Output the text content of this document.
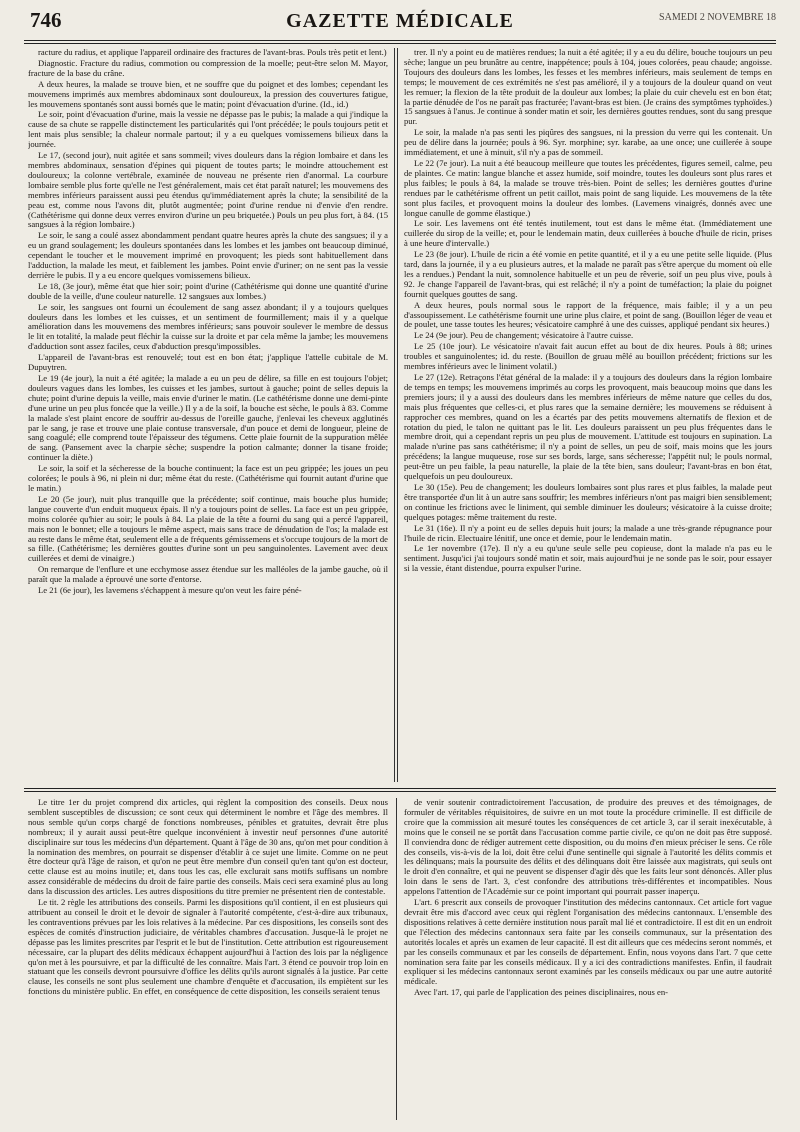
746	GAZETTE MÉDICALE	SAMEDI 2 NOVEMBRE 18

racture du radius, et applique l'appareil ordinaire des fractures de l'avant-bras. Pouls très petit et lent.)

Diagnostic. Fracture du radius, commotion ou compression de la moelle; peut-être selon M. Mayor, fracture de la base du crâne.

A deux heures, la malade se trouve bien, et ne souffre que du poignet et des lombes; cependant les mouvemens imprimés aux membres abdominaux sont douloureux, la pression des couvertures fatigue, les mouvemens spontanés sont aussi bornés que le matin; point d'évacuation d'urine. (Id., id.)

Le soir, point d'évacuation d'urine, mais la vessie ne dépasse pas le pubis; la malade a qui j'indique la cause de sa chute se rappelle distinctement les particularités qui l'ont précédée; le pouls toujours petit et lent mais plus sensible; la chaleur normale partout; il y a eu quelques vomissemens bilieux dans la journée.

Le 17, (second jour), nuit agitée et sans sommeil; vives douleurs dans la région lombaire et dans les membres abdominaux, sensation d'épines qui piquent de toutes parts; le moindre attouchement est douloureux; la colonne vertébrale, examinée de nouveau ne présente rien d'anormal. La courbure lombaire semble plus forte qu'elle ne l'est généralement, mais cet état paraît naturel; les mouvemens des membres inférieurs paraissent aussi peu étendus qu'immédiatement après la chute; la sensibilité de la peau est, comme nous l'avons dit, plutôt augmentée; point d'urine rendue ni d'envie d'en rendre. (Cathétérisme qui donne deux verres environ d'urine un peu briquetée.) Pouls un peu plus fort, à 84. (15 sangsues à la région lombaire.)

Le soir, le sang a coulé assez abondamment pendant quatre heures après la chute des sangsues; il y a eu un grand soulagement; les douleurs spontanées dans les lombes et les jambes ont beaucoup diminué, cependant le toucher et le mouvement imprimé en provoquent; les pieds sont habituellement dans l'adduction, la malade les meut, et faiblement les jambes. Point envie d'uriner; on ne sent pas la vessie derrière le pubis. Il y a eu encore quelques vomissemens bilieux.

Le 18, (3e jour), même état que hier soir; point d'urine (Cathétérisme qui donne une quantité d'urine double de la veille, d'une couleur naturelle. 12 sangsues aux lombes.)

Le soir, les sangsues ont fourni un écoulement de sang assez abondant; il y a toujours quelques douleurs dans les lombes et les cuisses, et un sentiment de fourmillement; mais il y a quelque amélioration dans les mouvemens des membres inférieurs; sans pouvoir soulever le membre de dessus le lit en totalité, la malade peut fléchir la cuisse sur la droite et par cela même la jambe; les mouvemens d'adduction sont assez faciles, ceux d'abduction presqu'impossibles.

L'appareil de l'avant-bras est renouvelé; tout est en bon état; j'applique l'attelle cubitale de M. Dupuytren.

Le 19 (4e jour), la nuit a été agitée; la malade a eu un peu de délire, sa fille en est toujours l'objet; douleurs vagues dans les lombes, les cuisses et les jambes, surtout à gauche; point de selles depuis la chute; point d'urine depuis la veille, mais envie d'uriner le matin. (Le cathétérisme donne une demi-pinte d'une urine un peu plus foncée que la veille.) Il y a de la soif, la bouche est sèche, le pouls à 83. Comme la malade s'est plaint encore de souffrir au-dessus de l'oreille gauche, j'enlevai les cheveux agglutinés par le sang, je rase et trouve une plaie contuse transversale, d'un pouce et demi de longueur, pleine de sang coagulé; elle comprend toute l'épaisseur des tégumens. Cette plaie fournit de la suppuration mêlée de sang. (Pansement avec la charpie sèche; suspendre la potion calmante; donner la tisane froide; continuer la diète.)

Le soir, la soif et la sécheresse de la bouche continuent; la face est un peu grippée; les joues un peu colorées; le pouls à 96, ni plein ni dur; même état du reste. (Cathétérisme qui fournit autant d'urine que le matin.)

Le 20 (5e jour), nuit plus tranquille que la précédente; soif continue, mais bouche plus humide; langue couverte d'un enduit muqueux épais. Il n'y a toujours point de selles. La face est un peu grippée, moins colorée qu'hier au soir; le pouls à 84. La plaie de la tête a fourni du sang qui a percé l'appareil, mais non le bonnet; elle a toujours le même aspect, mais sans trace de dénudation de l'os; la malade est au reste dans le même état, seulement elle a de fréquents gémissemens et s'occupe toujours de la mort de sa fille. (Cathétérisme; les dernières gouttes d'urine sont un peu sanguinolentes. Lavement avec deux cuillerées et demi de vinaigre.)

On remarque de l'enflure et une ecchymose assez étendue sur les malléoles de la jambe gauche, où il paraît que la malade a éprouvé une sorte d'entorse.

Le 21 (6e jour), les lavemens s'échappent à mesure qu'on veut les faire péné-

trer. Il n'y a point eu de matières rendues; la nuit a été agitée; il y a eu du délire, bouche toujours un peu sèche; langue un peu brunâtre au centre, inappétence; pouls à 104, joues colorées, peau chaude; angoisse. Toujours des douleurs dans les lombes, les fesses et les membres inférieurs, mais seulement de temps en temps; le mouvement de ces extrémités ne s'est pas amélioré, il y a toujours de la douleur quand on veut les remuer; la flexion de la tête produit de la douleur aux lombes; la plaie du cuir chevelu est en bon état; la partie dénudée de l'os ne paraît pas fracturée; l'avant-bras est bien. (Je crains des symptômes typhoïdes.) 15 sangsues à l'anus. Je continue à sonder matin et soir, les dernières gouttes rendues, sont du sang presque pur.

Le soir, la malade n'a pas senti les piqûres des sangsues, ni la pression du verre qui les contenait. Un peu de délire dans la journée; pouls à 96. Syr. morphine; syr. karabe, aa une once; une cuillerée à soupe immédiatement, et une à minuit, s'il n'y a pas de sommeil.

Le 22 (7e jour). La nuit a été beaucoup meilleure que toutes les précédentes, figures semeil, calme, peu de plaintes. Ce matin: langue blanche et assez humide, soif moindre, toutes les douleurs sont plus rares et plus faibles; le pouls à 84, la malade se trouve très-bien. Point de selles; les dernières gouttes d'urine rendues par le cathétérisme offrent un petit caillot, mais point de sang liquide. Les mouvemens de la tête sont plus faciles, et provoquent moins la douleur des lombes. (Lavemens vinaigrés, donnés avec une longue canulle de gomme élastique.)

Le soir. Les lavemens ont été tentés inutilement, tout est dans le même état. (Immédiatement une cuillerée du sirop de la veille; et, pour le lendemain matin, deux cuillerées à bouche d'huile de ricin, prises à une heure d'intervalle.)

Le 23 (8e jour). L'huile de ricin a été vomie en petite quantité, et il y a eu une petite selle liquide. (Plus tard, dans la journée, il y a eu plusieurs autres, et la malade ne paraît pas s'être aperçue du moment où elle les a rendues.) Pendant la nuit, somnolence habituelle et un peu de rêverie, soif un peu plus vive, pouls à 92. Je change l'appareil de l'avant-bras, qui est relâché; il n'y a point de tuméfaction; la plaie du poignet fournit quelques gouttes de sang.

A deux heures, pouls normal sous le rapport de la fréquence, mais faible; il y a un peu d'assoupissement. Le cathétérisme fournit une urine plus claire, et point de sang. (Bouillon léger de veau et de poulet, une tasse toutes les heures; vésicatoire camphré à une des cuisses, appliqué pendant six heures.)

Le 24 (9e jour). Peu de changement; vésicatoire à l'autre cuisse.

Le 25 (10e jour). Le vésicatoire n'avait fait aucun effet au bout de dix heures. Pouls à 88; urines troubles et sanguinolentes; id. du reste. (Bouillon de gruau mêlé au bouillon précédent; frictions sur les membres inférieurs avec le liniment volatil.)

Le 27 (12e). Retraçons l'état général de la malade: il y a toujours des douleurs dans la région lombaire de temps en temps; les mouvemens imprimés au corps les provoquent, mais beaucoup moins que dans les premiers jours; il y a aussi des douleurs dans les membres inférieurs de même nature que celles du dos, mais plus fréquentes que celles-ci, et plus rares que la semaine dernière; les mouvemens se réduisent à rapprocher ces membres, quand on les a écartés par des petits mouvemens alternatifs de flexion et de rotation du pied, le talon ne quittant pas le lit. Les douleurs paraissent un peu plus fréquentes dans le membre droit, qui a cependant repris un peu plus de mouvement. L'attitude est toujours en supination. La malade n'urine pas sans cathétérisme; il n'y a point de selles, un peu de soif, mais moins que les jours précédens; la langue muqueuse, rose sur ses bords, large, sans sécheresse; l'appétit nul; le pouls normal, peut-être un peu faible, la peau naturelle, la plaie de la tête bien, sans douleur; l'avant-bras en bon état, quelquefois un peu douloureux.

Le 30 (15e). Peu de changement; les douleurs lombaires sont plus rares et plus faibles, la malade peut être transportée d'un lit à un autre sans souffrir; les membres inférieurs n'ont pas maigri bien sensiblement; on continue les frictions avec le liniment, qui semble diminuer les douleurs; vésicatoire à la cuisse droite; quelques potages: même traitement du reste.

Le 31 (16e). Il n'y a point eu de selles depuis huit jours; la malade a une très-grande répugnance pour l'huile de ricin. Electuaire lénitif, une once et demie, pour le lendemain matin.

Le 1er novembre (17e). Il n'y a eu qu'une seule selle peu copieuse, dont la malade n'a pas eu le sentiment. Jusqu'ici j'ai toujours sondé matin et soir, mais aujourd'hui je ne sonde pas le soir, pour essayer si la vessie, étant distendue, pourra expulser l'urine.

Le titre 1er du projet comprend dix articles, qui règlent la composition des conseils. Deux nous semblent susceptibles de discussion; ce sont ceux qui déterminent le nombre et l'âge des membres. Il nous semble qu'un corps chargé de fonctions nombreuses, pénibles et gratuites, devrait être plus nombreux; il y aurait aussi peut-être quelque inconvénient à investir neuf personnes d'une autorité disciplinaire sur tous les médecins d'un département. Quant à l'âge de 30 ans, qu'on met pour condition à la nomination des membres, on pourrait se dispenser d'établir à ce sujet une limite. Comme on ne peut être docteur qu'à l'âge de raison, et qu'on ne peut être membre d'un conseil qu'en tant qu'on est docteur, cette clause est au moins inutile; et, dans tous les cas, elle exclurait sans motifs suffisans un nombre assez considérable de médecins du droit de faire partie des conseils. Mais ceci sera examiné plus au long dans la discussion des articles. Les autres dispositions du titre premier ne présentent rien de contestable.

Le tit. 2 règle les attributions des conseils. Parmi les dispositions qu'il contient, il en est plusieurs qui attribuent au conseil le droit et le devoir de signaler à l'autorité compétente, c'est-à-dire aux tribunaux, les contraventions prévues par les lois relatives à la médecine. Par ces dispositions, les conseils sont des espèces de comités d'instruction judiciaire, de véritables chambres d'accusation. Jusque-là le projet ne dépasse pas les limites prescrites par l'esprit et le but de l'institution. Cette attribution est rigoureusement nécessaire, car la plupart des délits médicaux échappent aujourd'hui à l'action des lois par la négligence qu'on met à les poursuivre, et par la difficulté de les connaître. Mais l'art. 3 étend ce pouvoir trop loin en statuant que les conseils devront poursuivre d'office les délits qu'ils auront signalés à la justice. Par cette clause, les conseils ne sont plus seulement une chambre d'enquête et d'accusation, ils empiètent sur les fonctions du ministère public. En effet, en conséquence de cette disposition, les conseils seraient tenus

de venir soutenir contradictoirement l'accusation, de produire des preuves et des témoignages, de formuler de véritables réquisitoires, de suivre en un mot toute la procédure criminelle. Il est difficile de croire que la commission ait mesuré toutes les conséquences de cet article 3, car il serait inexécutable, à moins que le conseil ne se portât dans l'accusation comme partie civile, ce qu'on ne doit pas être supposé. Il conviendra donc de rédiger autrement cette disposition, ou du moins d'en mieux préciser le sens. Ce rôle des conseils, vis-à-vis de la loi, doit être celui d'une sentinelle qui signale à l'autorité les délits commis et les délinquans; mais la poursuite des délits et des délinquans doit être laissée aux magistrats, qui seuls ont le droit d'en connaître, et qui ne peuvent se dispenser d'agir dès que les faits leur sont dénoncés. Aller plus loin dans le sens de l'art. 3, c'est confondre des attributions très-différentes et incompatibles. Nous appelons l'attention de l'Académie sur ce point important qui pourrait passer inaperçu.

L'art. 6 prescrit aux conseils de provoquer l'institution des médecins cantonnaux. Cet article fort vague devrait être mis d'accord avec ceux qui règlent l'organisation des médecins cantonnaux. L'ensemble des dispositions relatives à cette dernière institution nous paraît mal lié et contradictoire. Il est dit en un endroit que l'élection des médecins cantonnaux sera faite par les conseils communaux, sur la présentation des autorités locales et après un examen de leur capacité. Il est dit ailleurs que ces médecins seront nommés, et par les conseils communaux et par les conseils de département. Enfin, nous voyons dans l'art. 7 que cette nomination sera faite par les conseils médicaux. Il y a ici des contradictions manifestes. Enfin, il faudrait expliquer si les médecins cantonnaux seront examinés par les conseils médicaux ou par une autre autorité médicale.

Avec l'art. 17, qui parle de l'application des peines disciplinaires, nous en-
